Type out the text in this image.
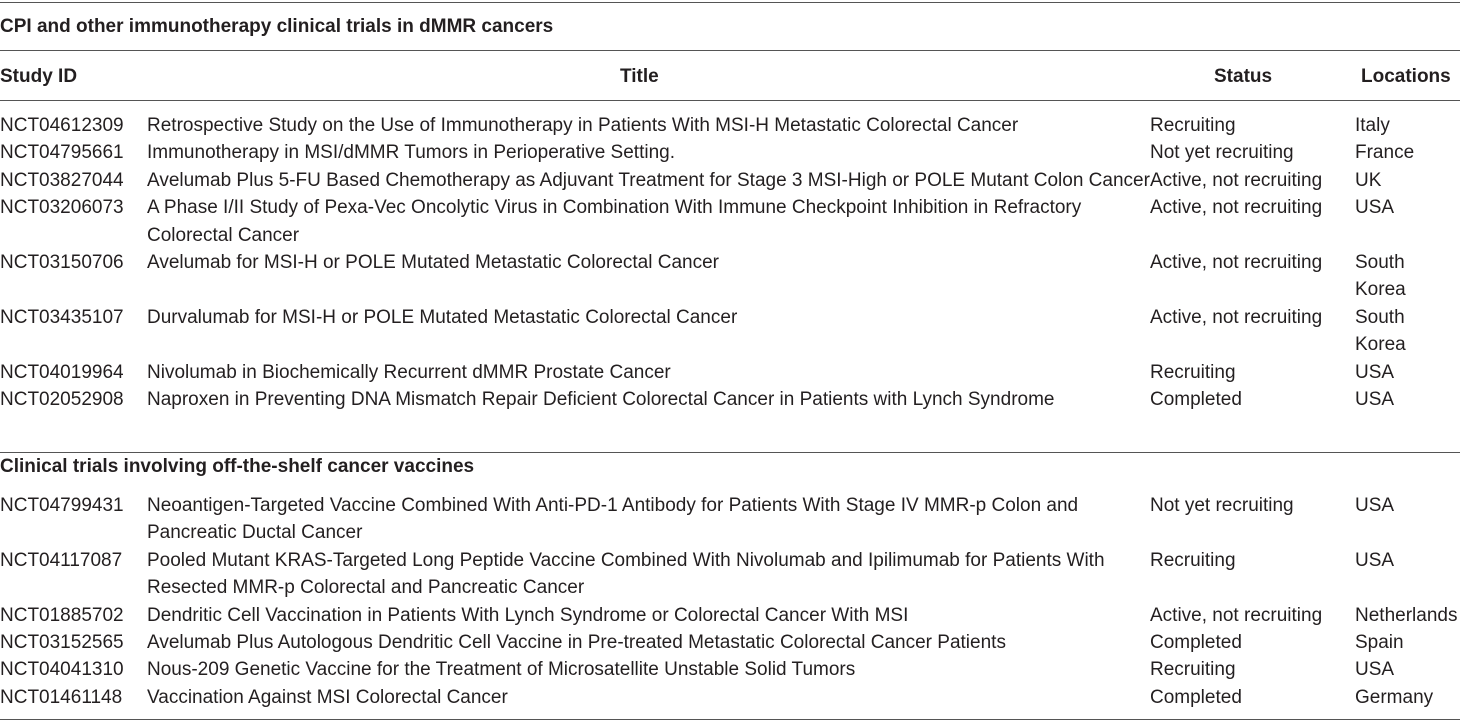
CPI and other immunotherapy clinical trials in dMMR cancers
Study ID	Title	Status	Locations
NCT04612309	Retrospective Study on the Use of Immunotherapy in Patients With MSI-H Metastatic Colorectal Cancer	Recruiting	Italy
NCT04795661	Immunotherapy in MSI/dMMR Tumors in Perioperative Setting.	Not yet recruiting	France
NCT03827044	Avelumab Plus 5-FU Based Chemotherapy as Adjuvant Treatment for Stage 3 MSI-High or POLE Mutant Colon Cancer	Active, not recruiting	UK
NCT03206073	A Phase I/II Study of Pexa-Vec Oncolytic Virus in Combination With Immune Checkpoint Inhibition in Refractory Colorectal Cancer	Active, not recruiting	USA
NCT03150706	Avelumab for MSI-H or POLE Mutated Metastatic Colorectal Cancer	Active, not recruiting	South Korea
NCT03435107	Durvalumab for MSI-H or POLE Mutated Metastatic Colorectal Cancer	Active, not recruiting	South Korea
NCT04019964	Nivolumab in Biochemically Recurrent dMMR Prostate Cancer	Recruiting	USA
NCT02052908	Naproxen in Preventing DNA Mismatch Repair Deficient Colorectal Cancer in Patients with Lynch Syndrome	Completed	USA
Clinical trials involving off-the-shelf cancer vaccines
NCT04799431	Neoantigen-Targeted Vaccine Combined With Anti-PD-1 Antibody for Patients With Stage IV MMR-p Colon and Pancreatic Ductal Cancer	Not yet recruiting	USA
NCT04117087	Pooled Mutant KRAS-Targeted Long Peptide Vaccine Combined With Nivolumab and Ipilimumab for Patients With Resected MMR-p Colorectal and Pancreatic Cancer	Recruiting	USA
NCT01885702	Dendritic Cell Vaccination in Patients With Lynch Syndrome or Colorectal Cancer With MSI	Active, not recruiting	Netherlands
NCT03152565	Avelumab Plus Autologous Dendritic Cell Vaccine in Pre-treated Metastatic Colorectal Cancer Patients	Completed	Spain
NCT04041310	Nous-209 Genetic Vaccine for the Treatment of Microsatellite Unstable Solid Tumors	Recruiting	USA
NCT01461148	Vaccination Against MSI Colorectal Cancer	Completed	Germany
